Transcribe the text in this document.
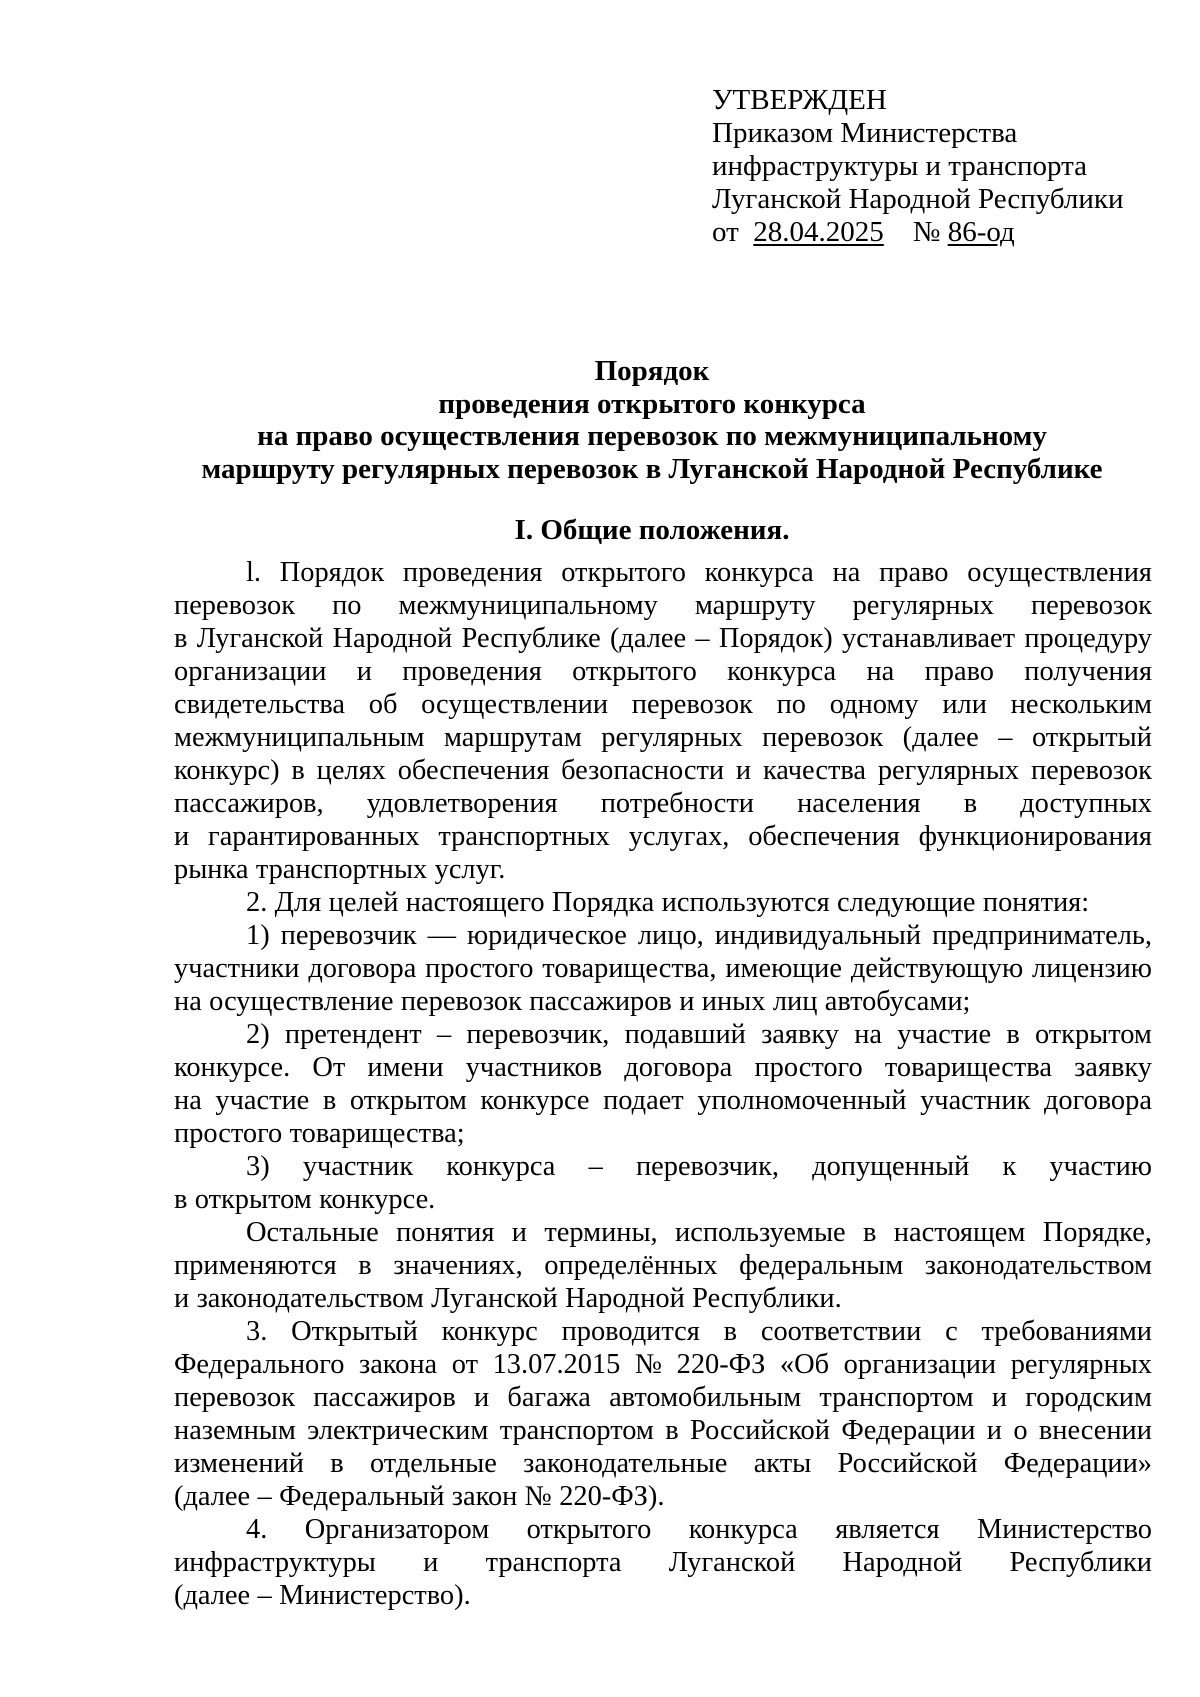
УТВЕРЖДЕН
Приказом Министерства
инфраструктуры и транспорта
Луганской Народной Республики
от 28.04.2025 № 86-од
Порядок
проведения открытого конкурса
на право осуществления перевозок по межмуниципальному
маршруту регулярных перевозок в Луганской Народной Республике
I. Общие положения.
l. Порядок проведения открытого конкурса на право осуществления
перевозок по межмуниципальному маршруту регулярных перевозок
в Луганской Народной Республике (далее – Порядок) устанавливает процедуру
организации и проведения открытого конкурса на право получения
свидетельства об осуществлении перевозок по одному или нескольким
межмуниципальным маршрутам регулярных перевозок (далее – открытый
конкурс) в целях обеспечения безопасности и качества регулярных перевозок
пассажиров, удовлетворения потребности населения в доступных
и гарантированных транспортных услугах, обеспечения функционирования
рынка транспортных услуг.
2. Для целей настоящего Порядка используются следующие понятия:
1) перевозчик — юридическое лицо, индивидуальный предприниматель,
участники договора простого товарищества, имеющие действующую лицензию
на осуществление перевозок пассажиров и иных лиц автобусами;
2) претендент – перевозчик, подавший заявку на участие в открытом
конкурсе. От имени участников договора простого товарищества заявку
на участие в открытом конкурсе подает уполномоченный участник договора
простого товарищества;
3) участник конкурса – перевозчик, допущенный к участию
в открытом конкурсе.
Остальные понятия и термины, используемые в настоящем Порядке,
применяются в значениях, определённых федеральным законодательством
и законодательством Луганской Народной Республики.
3. Открытый конкурс проводится в соответствии с требованиями
Федерального закона от 13.07.2015 № 220-ФЗ «Об организации регулярных
перевозок пассажиров и багажа автомобильным транспортом и городским
наземным электрическим транспортом в Российской Федерации и о внесении
изменений в отдельные законодательные акты Российской Федерации»
(далее – Федеральный закон № 220-ФЗ).
4. Организатором открытого конкурса является Министерство
инфраструктуры и транспорта Луганской Народной Республики
(далее – Министерство).
